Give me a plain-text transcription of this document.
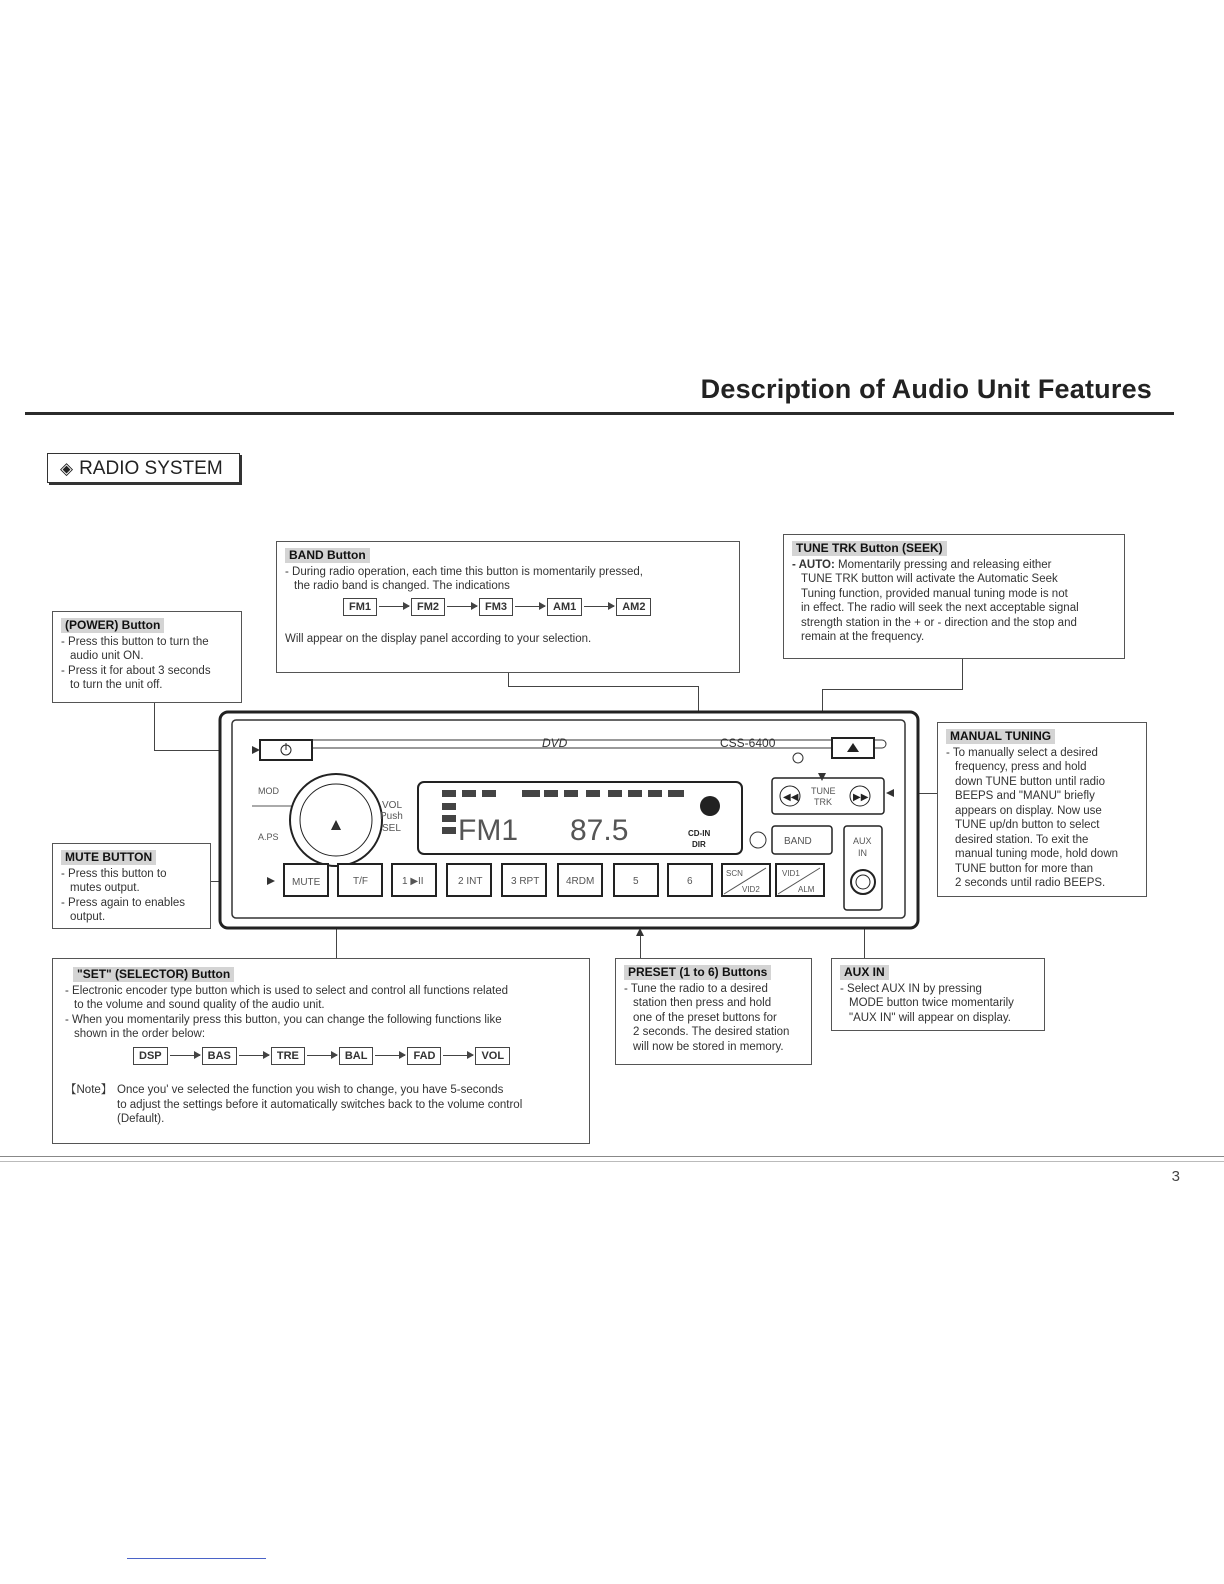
Description of Audio Unit Features
◈ RADIO SYSTEM
BAND Button

- During radio operation, each time this button is momentarily pressed,

the radio band is changed. The indications

FM1	FM2	FM3	AM1	AM2

Will appear on the display panel according to your selection.

(POWER) Button

- Press this button to turn the

audio unit ON.

- Press it for about 3 seconds

to turn the unit off.

TUNE TRK Button (SEEK)

- AUTO: Momentarily pressing and releasing either

TUNE TRK button will activate the Automatic Seek

Tuning function, provided manual tuning mode is not

in effect. The radio will seek the next acceptable signal

strength station in the + or - direction and the stop and

remain at the frequency.

MANUAL TUNING

- To manually select a desired

frequency, press and hold

down TUNE button until radio

BEEPS and "MANU" briefly

appears on display. Now use

TUNE up/dn button to select

desired station. To exit the

manual tuning mode, hold down

TUNE button for more than

2 seconds until radio BEEPS.

MUTE BUTTON

- Press this button to

mutes output.

- Press again to enables

output.

"SET" (SELECTOR) Button

- Electronic encoder type button which is used to select and control all functions related

to the volume and sound quality of the audio unit.

- When you momentarily press this button, you can change the following functions like

shown in the order below:

DSP	BAS	TRE	BAL	FAD	VOL
【Note】 Once you' ve selected the function you wish to change, you have 5-seconds

to adjust the settings before it automatically switches back to the volume control

(Default).

PRESET (1 to 6) Buttons

- Tune the radio to a desired

station then press and hold

one of the preset buttons for

2 seconds. The desired station

will now be stored in memory.

AUX IN

- Select AUX IN by pressing

MODE button twice momentarily

"AUX IN" will appear on display.

DVD	CSS-6400
MOD
A.PS
VOL
Push
SEL FM1 87.5	CD-IN
DIR
◀◀
TUNE
TRK ▶▶
BAND	AUX
IN
MUTE	T/F	1 ▶II	2 INT	3 RPT	4RDM	5	6
SCN
VID2
VID1
ALM
3
